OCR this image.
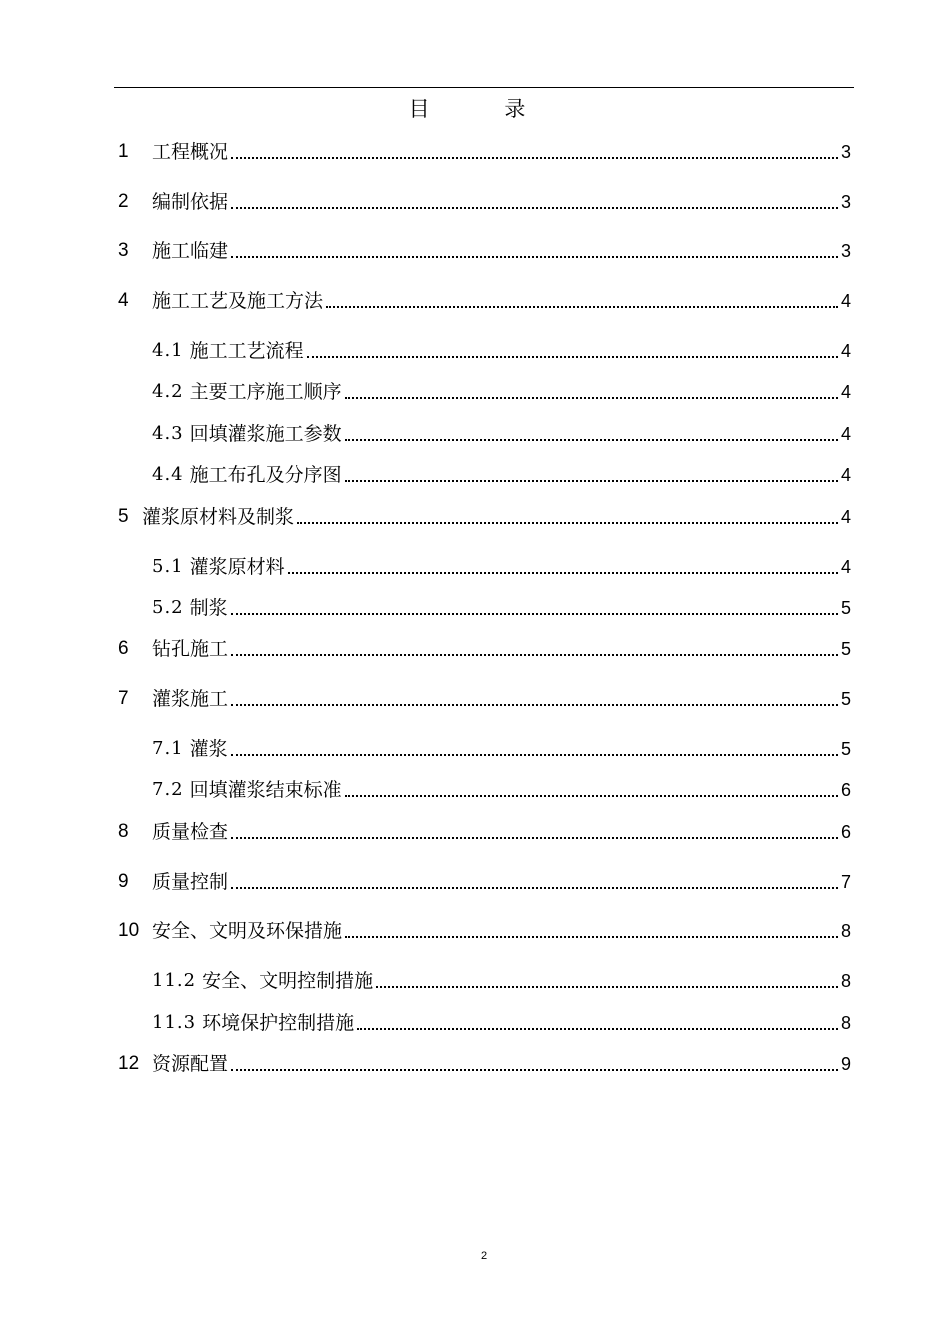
目 录
1	工程概况	3
2	编制依据	3
3	施工临建	3
4	施工工艺及施工方法	4
4.1 施工工艺流程	4
4.2 主要工序施工顺序	4
4.3 回填灌浆施工参数	4
4.4 施工布孔及分序图	4
5 灌浆原材料及制浆	4
5.1 灌浆原材料	4
5.2 制浆	5
6	钻孔施工	5
7	灌浆施工	5
7.1 灌浆	5
7.2 回填灌浆结束标准	6
8	质量检查	6
9	质量控制	7
10 安全、文明及环保措施	8
11.2 安全、文明控制措施	8
11.3 环境保护控制措施	8
12 资源配置	9
2
